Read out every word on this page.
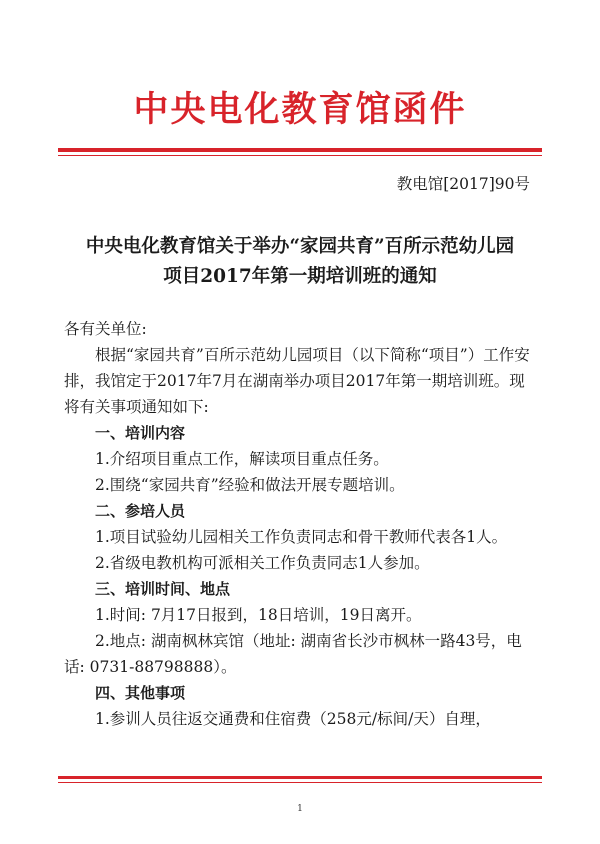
中央电化教育馆函件
教电馆[2017]90号
中央电化教育馆关于举办“家园共育”百所示范幼儿园
项目2017年第一期培训班的通知

各有关单位:

根据“家园共育”百所示范幼儿园项目（以下简称“项目”）工作安排，我馆定于2017年7月在湖南举办项目2017年第一期培训班。现将有关事项通知如下:

一、培训内容

1.介绍项目重点工作，解读项目重点任务。

2.围绕“家园共育”经验和做法开展专题培训。

二、参培人员

1.项目试验幼儿园相关工作负责同志和骨干教师代表各1人。

2.省级电教机构可派相关工作负责同志1人参加。

三、培训时间、地点

1.时间: 7月17日报到，18日培训，19日离开。

2.地点: 湖南枫林宾馆（地址: 湖南省长沙市枫林一路43号，电话: 0731-88798888）。

四、其他事项

1.参训人员往返交通费和住宿费（258元/标间/天）自理，

1
